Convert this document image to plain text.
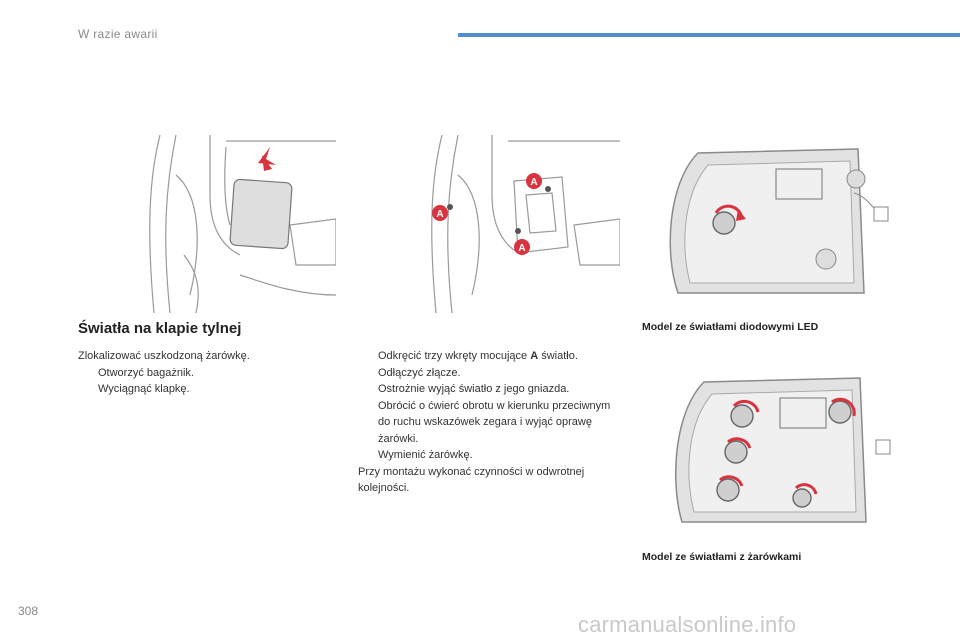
W razie awarii
A
A
A
Światła na klapie tylnej	Model ze światłami diodowymi LED
Model ze światłami z żarówkami
Zlokalizować uszkodzoną żarówkę.
Otworzyć bagażnik.
Wyciągnąć klapkę.
Odkręcić trzy wkręty mocujące A światło.
Odłączyć złącze.
Ostrożnie wyjąć światło z jego gniazda.
Obrócić o ćwierć obrotu w kierunku przeciwnym do ruchu wskazówek zegara i wyjąć oprawę żarówki.
Wymienić żarówkę.
Przy montażu wykonać czynności w odwrotnej kolejności.
308
carmanualsonline.info
